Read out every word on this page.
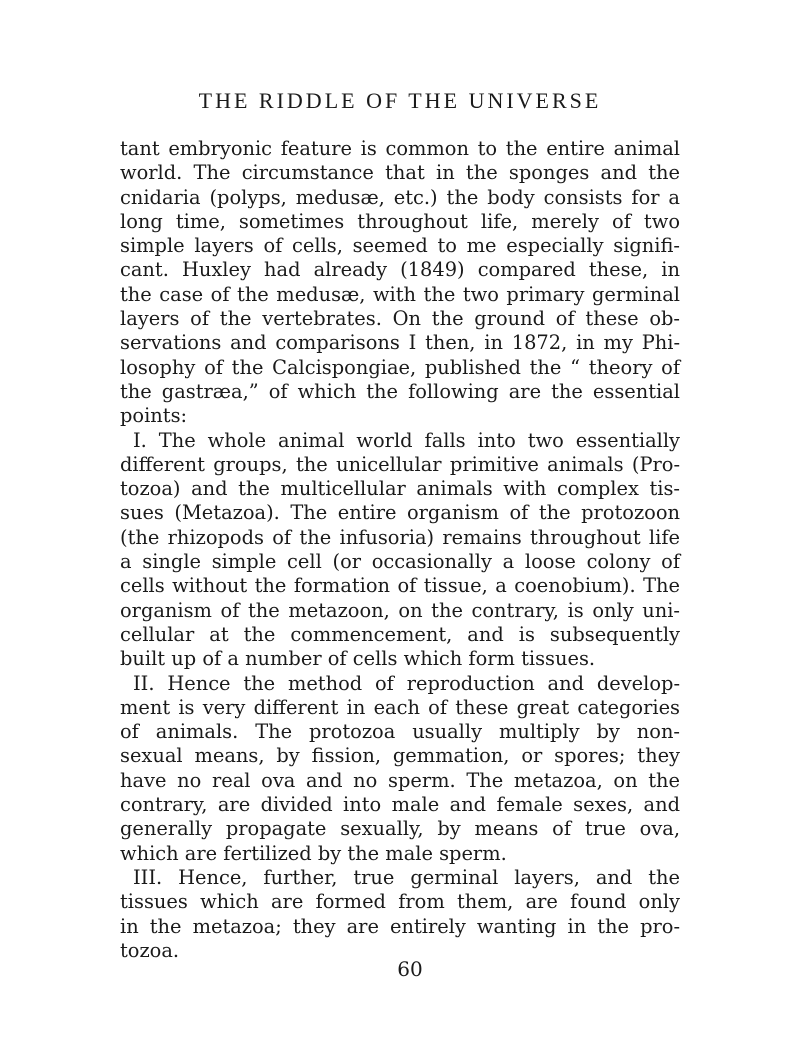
THE RIDDLE OF THE UNIVERSE
tant embryonic feature is common to the entire animal
world. The circumstance that in the sponges and the
cnidaria (polyps, medusæ, etc.) the body consists for a
long time, sometimes throughout life, merely of two
simple layers of cells, seemed to me especially signifi-
cant. Huxley had already (1849) compared these, in
the case of the medusæ, with the two primary germinal
layers of the vertebrates. On the ground of these ob-
servations and comparisons I then, in 1872, in my Phi-
losophy of the Calcispongiae, published the “ theory of
the gastræa,” of which the following are the essential
points:
I. The whole animal world falls into two essentially
different groups, the unicellular primitive animals (Pro-
tozoa) and the multicellular animals with complex tis-
sues (Metazoa). The entire organism of the protozoon
(the rhizopods of the infusoria) remains throughout life
a single simple cell (or occasionally a loose colony of
cells without the formation of tissue, a coenobium). The
organism of the metazoon, on the contrary, is only uni-
cellular at the commencement, and is subsequently
built up of a number of cells which form tissues.
II. Hence the method of reproduction and develop-
ment is very different in each of these great categories
of animals. The protozoa usually multiply by non-
sexual means, by fission, gemmation, or spores; they
have no real ova and no sperm. The metazoa, on the
contrary, are divided into male and female sexes, and
generally propagate sexually, by means of true ova,
which are fertilized by the male sperm.
III. Hence, further, true germinal layers, and the
tissues which are formed from them, are found only
in the metazoa; they are entirely wanting in the pro-
tozoa.
60
